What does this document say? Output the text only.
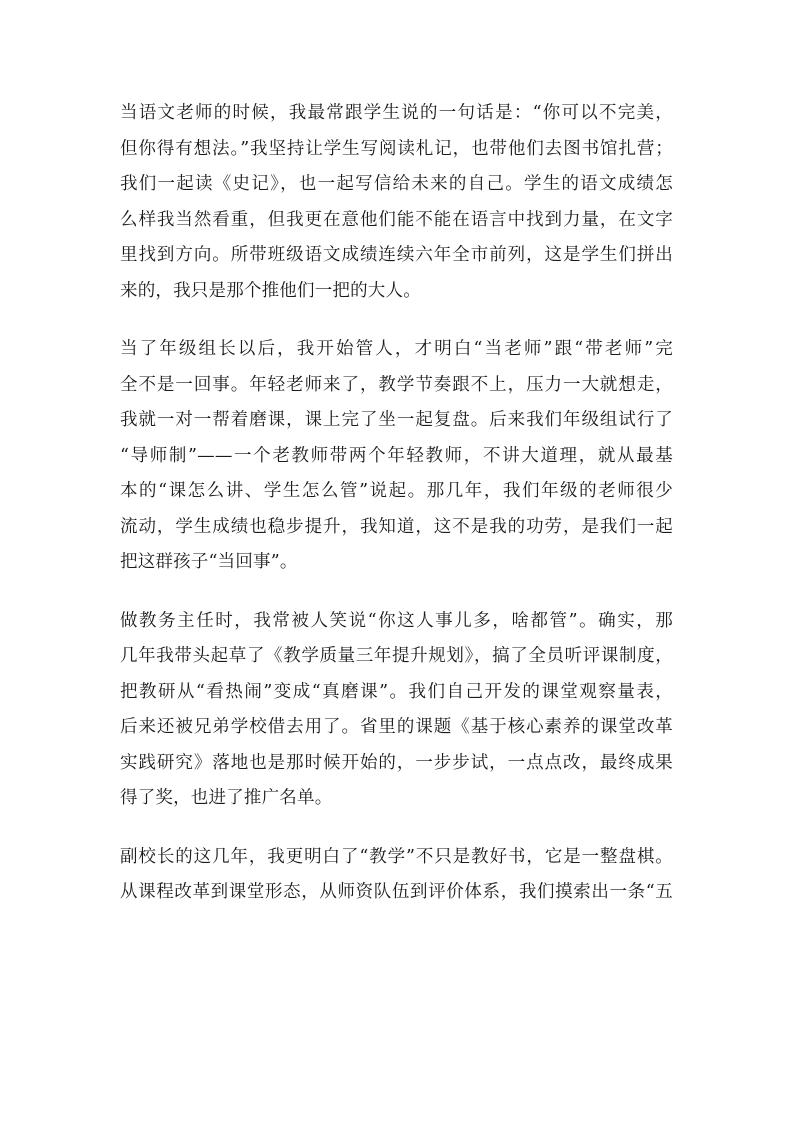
当语文老师的时候，我最常跟学生说的一句话是：“你可以不完美，
但你得有想法。”我坚持让学生写阅读札记，也带他们去图书馆扎营；
我们一起读《史记》，也一起写信给未来的自己。学生的语文成绩怎
么样我当然看重，但我更在意他们能不能在语言中找到力量，在文字
里找到方向。所带班级语文成绩连续六年全市前列，这是学生们拼出
来的，我只是那个推他们一把的大人。

当了年级组长以后，我开始管人，才明白“当老师”跟“带老师”完
全不是一回事。年轻老师来了，教学节奏跟不上，压力一大就想走，
我就一对一帮着磨课，课上完了坐一起复盘。后来我们年级组试行了
“导师制”——一个老教师带两个年轻教师，不讲大道理，就从最基
本的“课怎么讲、学生怎么管”说起。那几年，我们年级的老师很少
流动，学生成绩也稳步提升，我知道，这不是我的功劳，是我们一起
把这群孩子“当回事”。

做教务主任时，我常被人笑说“你这人事儿多，啥都管”。确实，那
几年我带头起草了《教学质量三年提升规划》，搞了全员听评课制度，
把教研从“看热闹”变成“真磨课”。我们自己开发的课堂观察量表，
后来还被兄弟学校借去用了。省里的课题《基于核心素养的课堂改革
实践研究》落地也是那时候开始的，一步步试，一点点改，最终成果
得了奖，也进了推广名单。

副校长的这几年，我更明白了“教学”不只是教好书，它是一整盘棋。
从课程改革到课堂形态，从师资队伍到评价体系，我们摸索出一条“五
